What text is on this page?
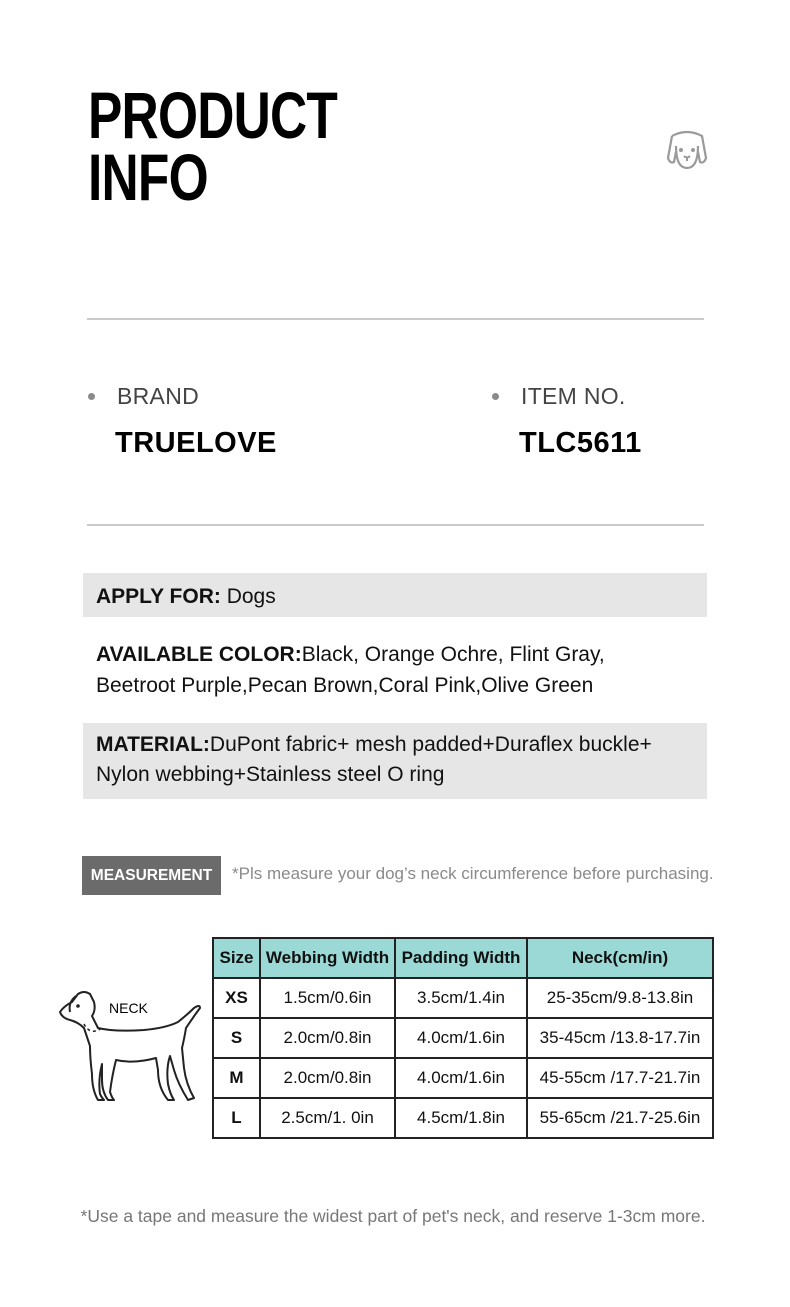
PRODUCT
INFO
BRAND
TRUELOVE
ITEM NO.
TLC5611
APPLY FOR: Dogs
AVAILABLE COLOR:Black, Orange Ochre, Flint Gray,
Beetroot Purple,Pecan Brown,Coral Pink,Olive Green
MATERIAL:DuPont fabric+ mesh padded+Duraflex buckle+
Nylon webbing+Stainless steel O ring
MEASUREMENT	*Pls measure your dog’s neck circumference before purchasing.
NECK
Size	Webbing Width	Padding Width	Neck(cm/in)
XS	1.5cm/0.6in	3.5cm/1.4in	25-35cm/9.8-13.8in
S	2.0cm/0.8in	4.0cm/1.6in	35-45cm /13.8-17.7in
M	2.0cm/0.8in	4.0cm/1.6in	45-55cm /17.7-21.7in
L	2.5cm/1. 0in	4.5cm/1.8in	55-65cm /21.7-25.6in
*Use a tape and measure the widest part of pet's neck, and reserve 1-3cm more.
